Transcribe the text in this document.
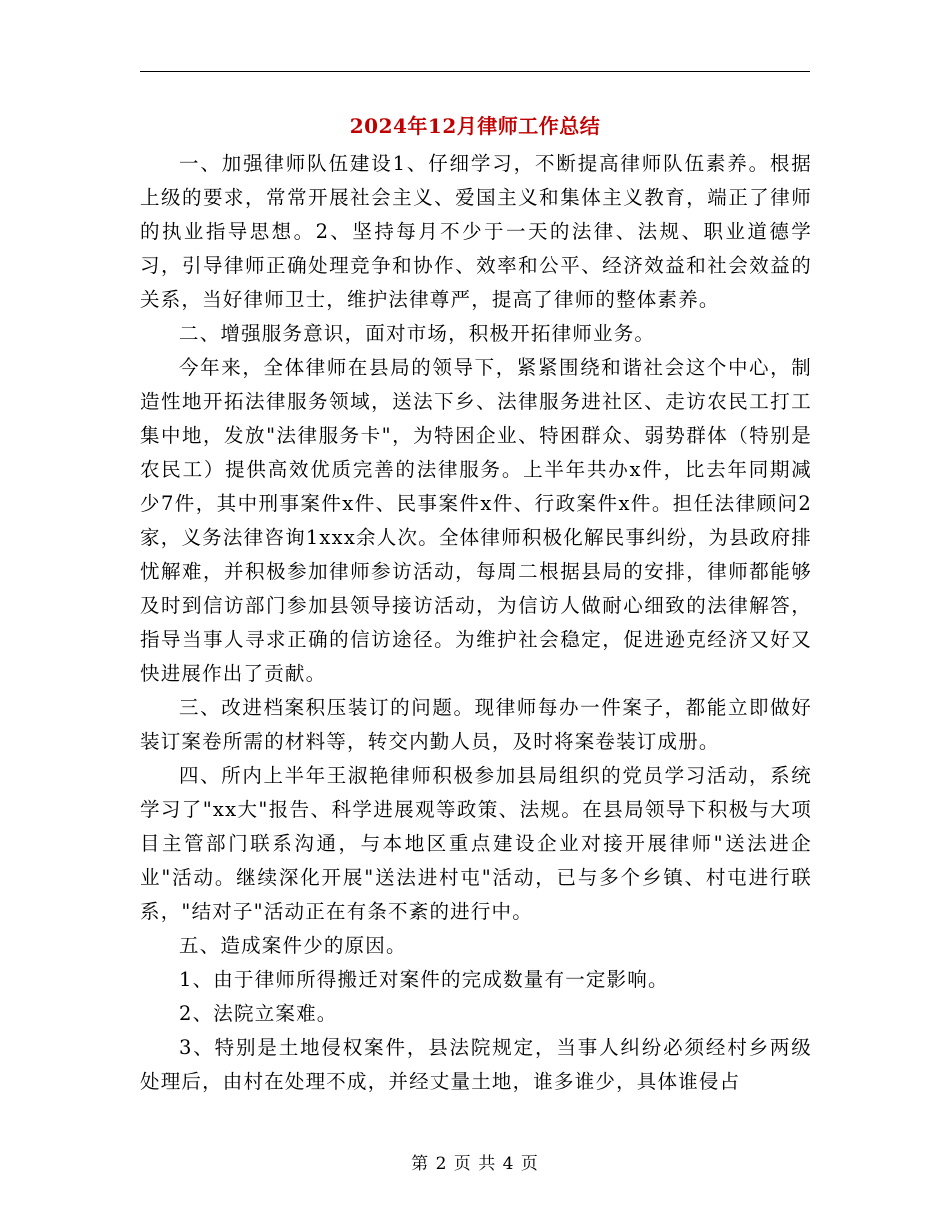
2024年12月律师工作总结

一、加强律师队伍建设1、仔细学习，不断提高律师队伍素养。根据上级的要求，常常开展社会主义、爱国主义和集体主义教育，端正了律师的执业指导思想。2、坚持每月不少于一天的法律、法规、职业道德学习，引导律师正确处理竞争和协作、效率和公平、经济效益和社会效益的关系，当好律师卫士，维护法律尊严，提高了律师的整体素养。

二、增强服务意识，面对市场，积极开拓律师业务。

今年来，全体律师在县局的领导下，紧紧围绕和谐社会这个中心，制造性地开拓法律服务领域，送法下乡、法律服务进社区、走访农民工打工集中地，发放"法律服务卡"，为特困企业、特困群众、弱势群体（特别是农民工）提供高效优质完善的法律服务。上半年共办x件，比去年同期减少7件，其中刑事案件x件、民事案件x件、行政案件x件。担任法律顾问2家，义务法律咨询1xxx余人次。全体律师积极化解民事纠纷，为县政府排忧解难，并积极参加律师参访活动，每周二根据县局的安排，律师都能够及时到信访部门参加县领导接访活动，为信访人做耐心细致的法律解答，指导当事人寻求正确的信访途径。为维护社会稳定，促进逊克经济又好又快进展作出了贡献。

三、改进档案积压装订的问题。现律师每办一件案子，都能立即做好装订案卷所需的材料等，转交内勤人员，及时将案卷装订成册。

四、所内上半年王淑艳律师积极参加县局组织的党员学习活动，系统学习了"xx大"报告、科学进展观等政策、法规。在县局领导下积极与大项目主管部门联系沟通，与本地区重点建设企业对接开展律师"送法进企业"活动。继续深化开展"送法进村屯"活动，已与多个乡镇、村屯进行联系，"结对子"活动正在有条不紊的进行中。

五、造成案件少的原因。

1、由于律师所得搬迁对案件的完成数量有一定影响。

2、法院立案难。

3、特别是土地侵权案件，县法院规定，当事人纠纷必须经村乡两级处理后，由村在处理不成，并经丈量土地，谁多谁少，具体谁侵占

第 2 页 共 4 页
